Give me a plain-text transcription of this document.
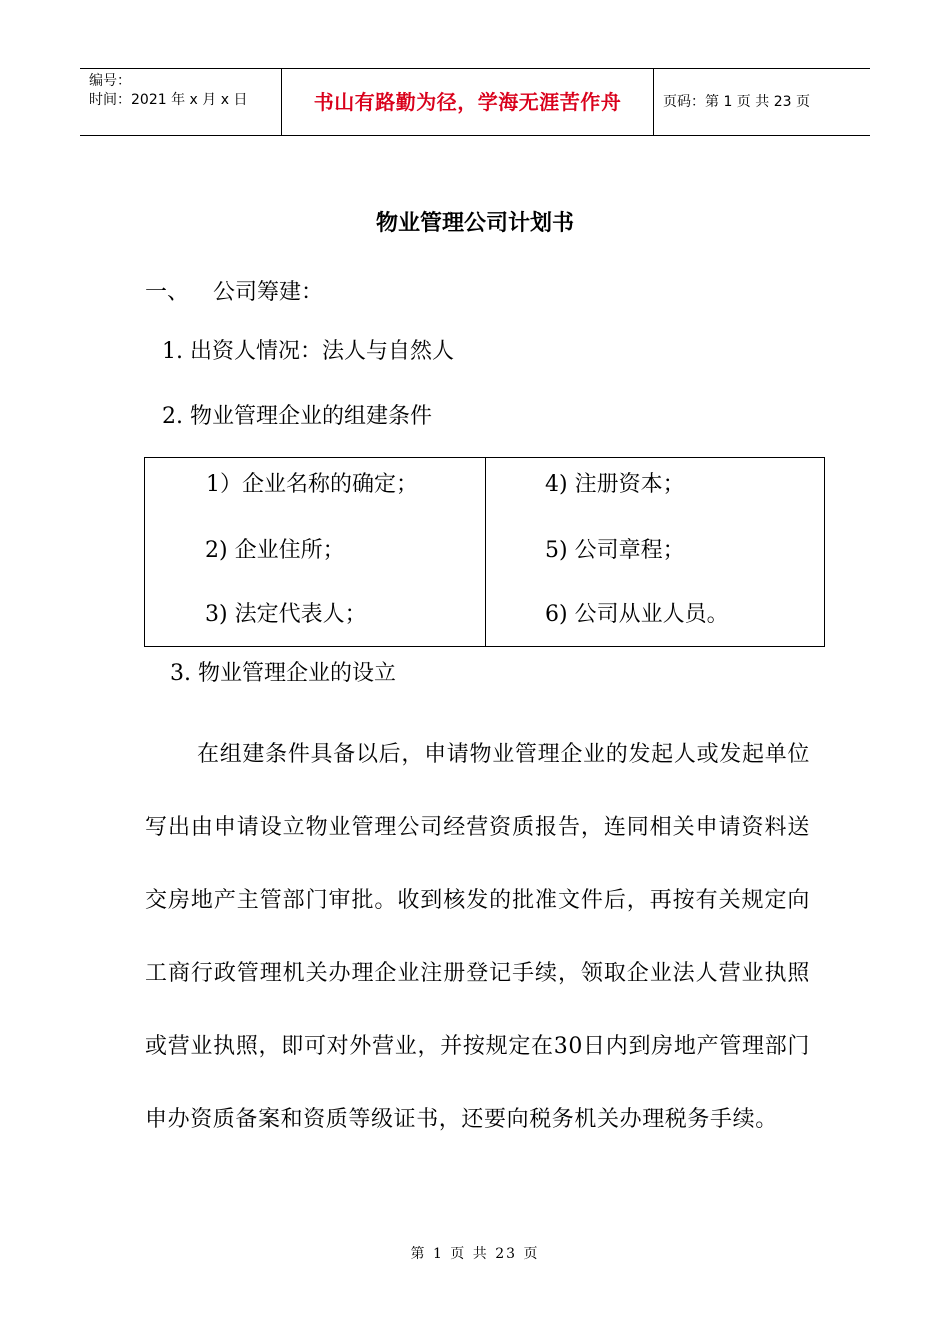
编号：
时间：2021 年 x 月 x 日	书山有路勤为径，学海无涯苦作舟	页码：第 1 页 共 23 页
物业管理公司计划书
一、 公司筹建：
1. 出资人情况：法人与自然人
2. 物业管理企业的组建条件
1）企业名称的确定；
2) 企业住所；
3) 法定代表人；
4) 注册资本；
5) 公司章程；
6) 公司从业人员。
3. 物业管理企业的设立
在组建条件具备以后，申请物业管理企业的发起人或发起单位写出由申请设立物业管理公司经营资质报告，连同相关申请资料送交房地产主管部门审批。收到核发的批准文件后，再按有关规定向工商行政管理机关办理企业注册登记手续，领取企业法人营业执照或营业执照，即可对外营业，并按规定在30日内到房地产管理部门申办资质备案和资质等级证书，还要向税务机关办理税务手续。
第 1 页 共 23 页
